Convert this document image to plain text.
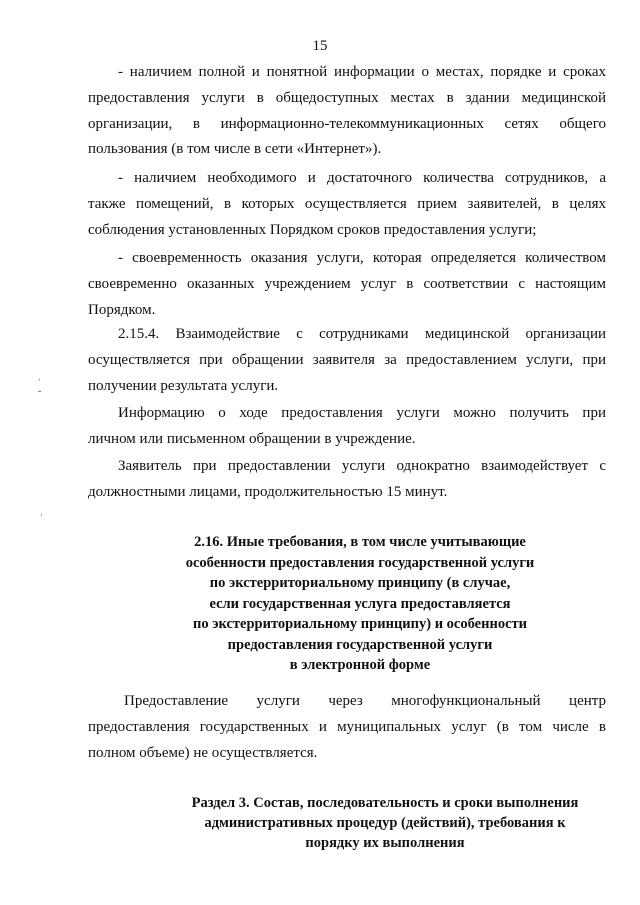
15
- наличием полной и понятной информации о местах, порядке и сроках
предоставления услуги в общедоступных местах в здании медицинской
организации, в информационно-телекоммуникационных сетях общего
пользования (в том числе в сети «Интернет»).
- наличием необходимого и достаточного количества сотрудников, а
также помещений, в которых осуществляется прием заявителей, в целях
соблюдения установленных Порядком сроков предоставления услуги;
- своевременность оказания услуги, которая определяется количеством
своевременно оказанных учреждением услуг в соответствии с настоящим
Порядком.
2.15.4. Взаимодействие с сотрудниками медицинской организации
осуществляется при обращении заявителя за предоставлением услуги, при
получении результата услуги.
Информацию о ходе предоставления услуги можно получить при
личном или письменном обращении в учреждение.
Заявитель при предоставлении услуги однократно взаимодействует с
должностными лицами, продолжительностью 15 минут.
2.16. Иные требования, в том числе учитывающие
особенности предоставления государственной услуги
по экстерриториальному принципу (в случае,
если государственная услуга предоставляется
по экстерриториальному принципу) и особенности
предоставления государственной услуги
в электронной форме
Предоставление услуги через многофункциональный центр
предоставления государственных и муниципальных услуг (в том числе в
полном объеме) не осуществляется.
Раздел 3. Состав, последовательность и сроки выполнения
административных процедур (действий), требования к
порядку их выполнения
ˈ
˘
ˌ
